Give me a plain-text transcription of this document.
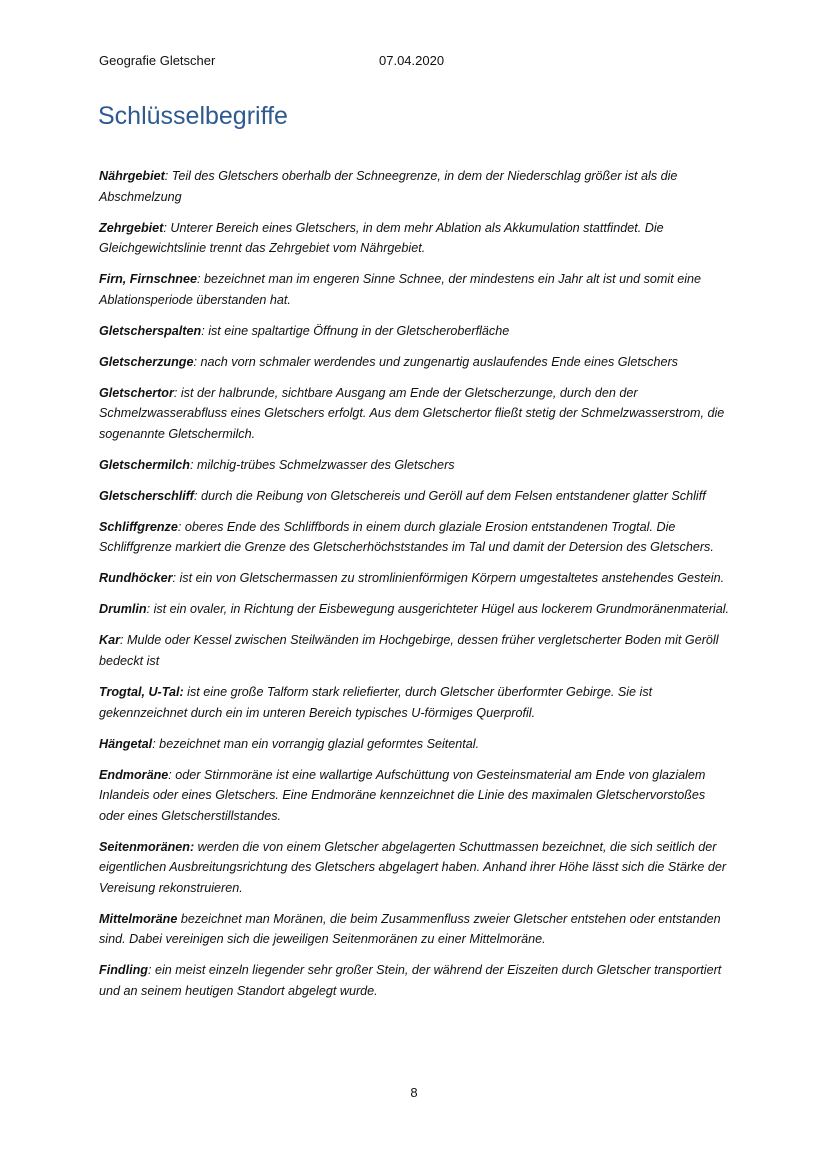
Geografie Gletscher	07.04.2020
Schlüsselbegriffe

Nährgebiet: Teil des Gletschers oberhalb der Schneegrenze, in dem der Niederschlag größer ist als die Abschmelzung

Zehrgebiet: Unterer Bereich eines Gletschers, in dem mehr Ablation als Akkumulation stattfindet. Die Gleichgewichtslinie trennt das Zehrgebiet vom Nährgebiet.

Firn, Firnschnee: bezeichnet man im engeren Sinne Schnee, der mindestens ein Jahr alt ist und somit eine Ablationsperiode überstanden hat.

Gletscherspalten: ist eine spaltartige Öffnung in der Gletscheroberfläche

Gletscherzunge: nach vorn schmaler werdendes und zungenartig auslaufendes Ende eines Gletschers

Gletschertor: ist der halbrunde, sichtbare Ausgang am Ende der Gletscherzunge, durch den der Schmelzwasserabfluss eines Gletschers erfolgt. Aus dem Gletschertor fließt stetig der Schmelzwasserstrom, die sogenannte Gletschermilch.

Gletschermilch: milchig-trübes Schmelzwasser des Gletschers

Gletscherschliff: durch die Reibung von Gletschereis und Geröll auf dem Felsen entstandener glatter Schliff

Schliffgrenze: oberes Ende des Schliffbords in einem durch glaziale Erosion entstandenen Trogtal. Die Schliffgrenze markiert die Grenze des Gletscherhöchststandes im Tal und damit der Detersion des Gletschers.

Rundhöcker: ist ein von Gletschermassen zu stromlinienförmigen Körpern umgestaltetes anstehendes Gestein.

Drumlin: ist ein ovaler, in Richtung der Eisbewegung ausgerichteter Hügel aus lockerem Grundmoränenmaterial.

Kar: Mulde oder Kessel zwischen Steilwänden im Hochgebirge, dessen früher vergletscherter Boden mit Geröll bedeckt ist

Trogtal, U-Tal: ist eine große Talform stark reliefierter, durch Gletscher überformter Gebirge. Sie ist gekennzeichnet durch ein im unteren Bereich typisches U-förmiges Querprofil.

Hängetal: bezeichnet man ein vorrangig glazial geformtes Seitental.

Endmoräne: oder Stirnmoräne ist eine wallartige Aufschüttung von Gesteinsmaterial am Ende von glazialem Inlandeis oder eines Gletschers. Eine Endmoräne kennzeichnet die Linie des maximalen Gletschervorstoßes oder eines Gletscherstillstandes.

Seitenmoränen: werden die von einem Gletscher abgelagerten Schuttmassen bezeichnet, die sich seitlich der eigentlichen Ausbreitungsrichtung des Gletschers abgelagert haben. Anhand ihrer Höhe lässt sich die Stärke der Vereisung rekonstruieren.

Mittelmoräne bezeichnet man Moränen, die beim Zusammenfluss zweier Gletscher entstehen oder entstanden sind. Dabei vereinigen sich die jeweiligen Seitenmoränen zu einer Mittelmoräne.

Findling: ein meist einzeln liegender sehr großer Stein, der während der Eiszeiten durch Gletscher transportiert und an seinem heutigen Standort abgelegt wurde.

8
